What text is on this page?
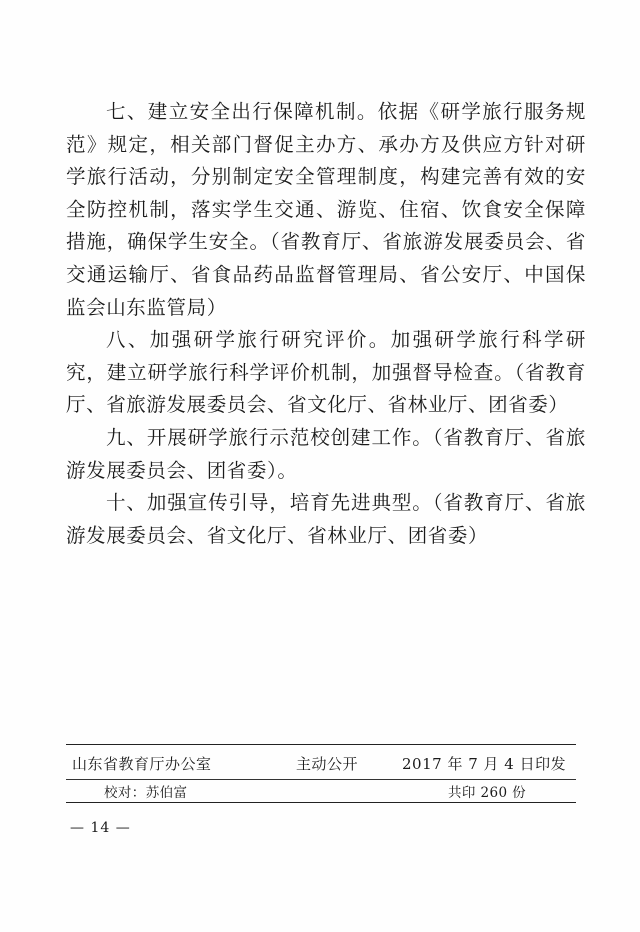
七、建立安全出行保障机制。依据《研学旅行服务规范》规定，相关部门督促主办方、承办方及供应方针对研学旅行活动，分别制定安全管理制度，构建完善有效的安全防控机制，落实学生交通、游览、住宿、饮食安全保障措施，确保学生安全。（省教育厅、省旅游发展委员会、省交通运输厅、省食品药品监督管理局、省公安厅、中国保监会山东监管局）

八、加强研学旅行研究评价。加强研学旅行科学研究，建立研学旅行科学评价机制，加强督导检查。（省教育厅、省旅游发展委员会、省文化厅、省林业厅、团省委）

九、开展研学旅行示范校创建工作。（省教育厅、省旅游发展委员会、团省委）。

十、加强宣传引导，培育先进典型。（省教育厅、省旅游发展委员会、省文化厅、省林业厅、团省委）

山东省教育厅办公室	主动公开	2017 年 7 月 4 日印发
校对：苏伯富	共印 260 份
— 14 —
